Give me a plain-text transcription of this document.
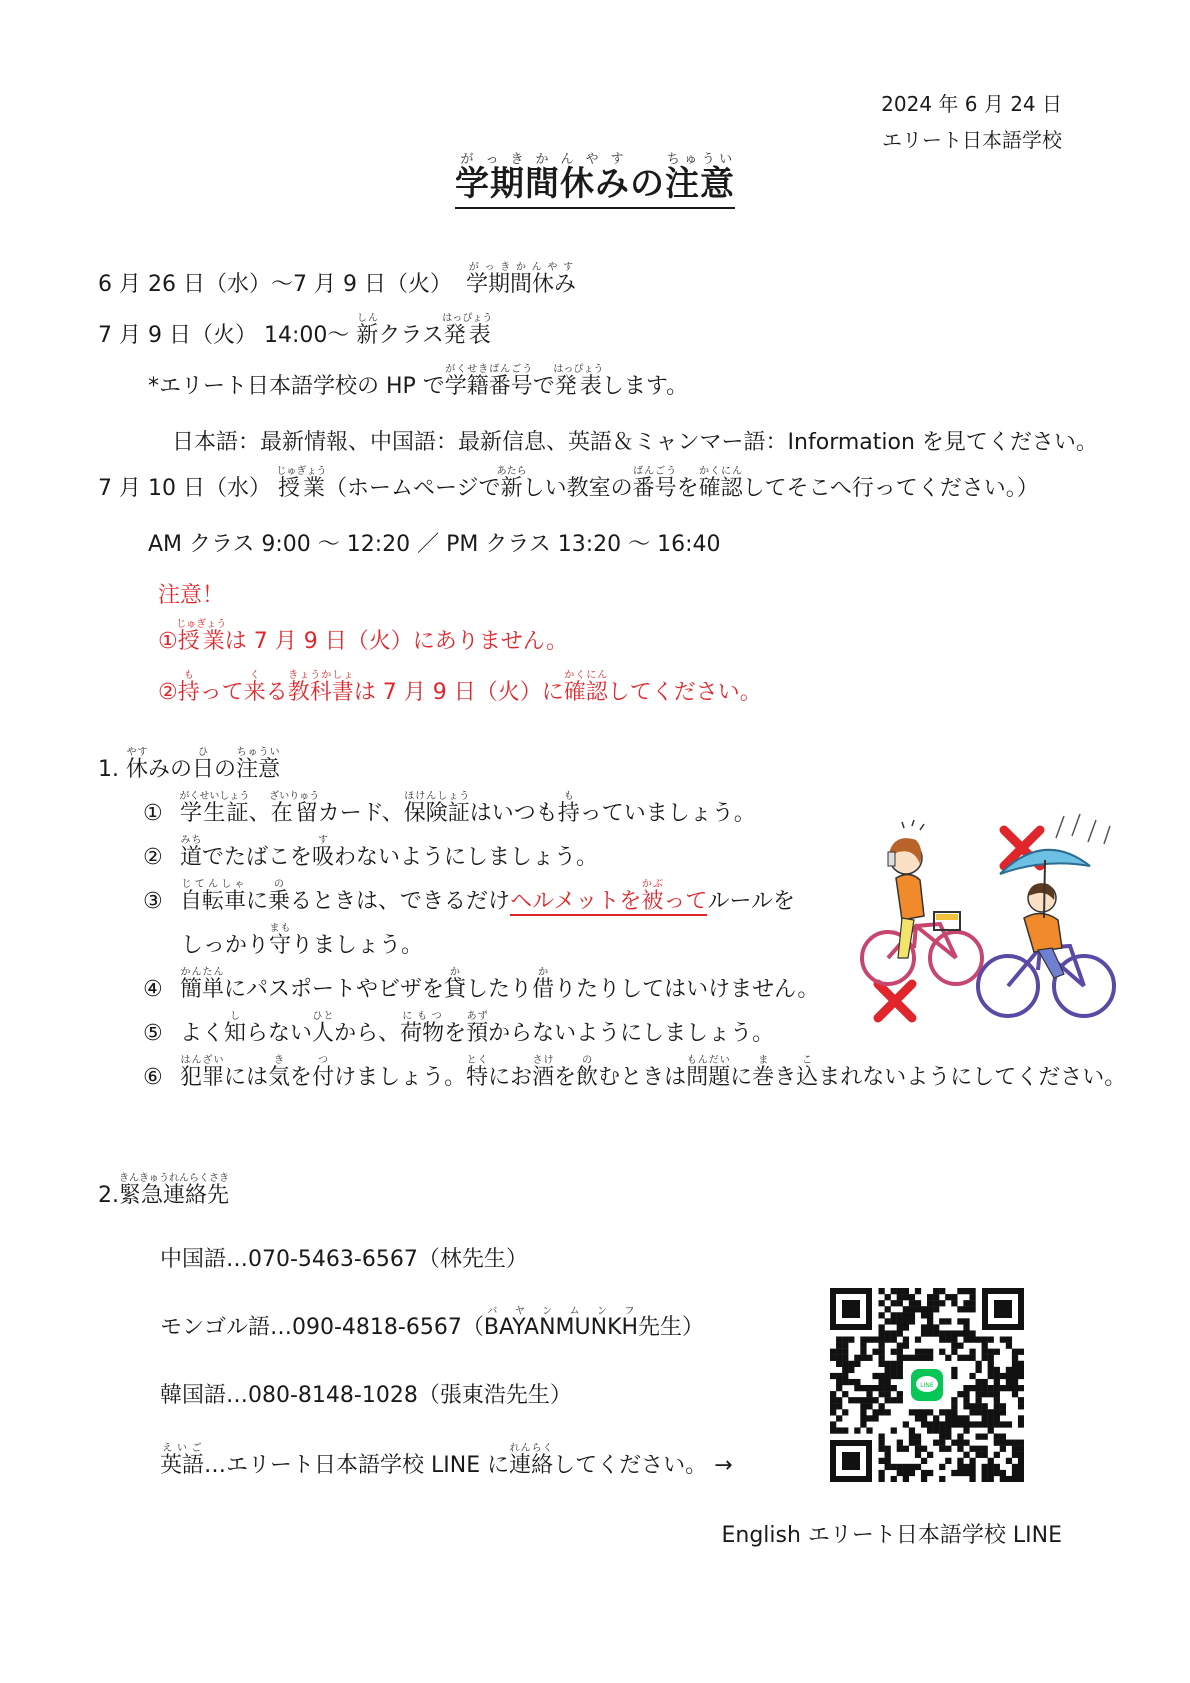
2024 年 6 月 24 日
エリート日本語学校
学期間休みがっきかんやすの注意ちゅうい
6 月 26 日（水）～7 月 9 日（火） 学期間休みがっきかんやす
7 月 9 日（火） 14:00～ 新しんクラス発表はっぴょう
*エリート日本語学校の HP で学籍番号がくせきばんごうで発表はっぴょうします。
日本語：最新情報、中国語：最新信息、英語＆ミャンマー語：Information を見てください。
7 月 10 日（水） 授業じゅぎょう（ホームページで新あたらしい教室の番号ばんごうを確認かくにんしてそこへ行ってください。）
AM クラス 9:00 ～ 12:20 ／ PM クラス 13:20 ～ 16:40
注意！
①授業じゅぎょうは 7 月 9 日（火）にありません。
②持もって来くる教科書きょうかしょは 7 月 9 日（火）に確認かくにんしてください。
1. 休やすみの日ひの注意ちゅうい
① 学生証がくせいしょう、在留ざいりゅうカード、保険証ほけんしょうはいつも持もっていましょう。
② 道みちでたばこを吸すわないようにしましょう。
③ 自転車じてんしゃに乗のるときは、できるだけヘルメットを被かぶってルールを
しっかり守まもりましょう。
④ 簡単かんたんにパスポートやビザを貸かしたり借かりたりしてはいけません。
⑤ よく知しらない人ひとから、荷物にもつを預あずからないようにしましょう。
⑥ 犯罪はんざいには気きを付つけましょう。特とくにお酒さけを飲のむときは問題もんだいに巻まき込こまれないようにしてください。
2.緊急連絡先きんきゅうれんらくさき
中国語…070-5463-6567（林先生）
モンゴル語…090-4818-6567（BAYANMUNKHバ ヤ ン ム ン フ先生）
韓国語…080-8148-1028（張東浩先生）
英語えいご…エリート日本語学校 LINE に連絡れんらくしてください。 →
LINE
English エリート日本語学校 LINE
